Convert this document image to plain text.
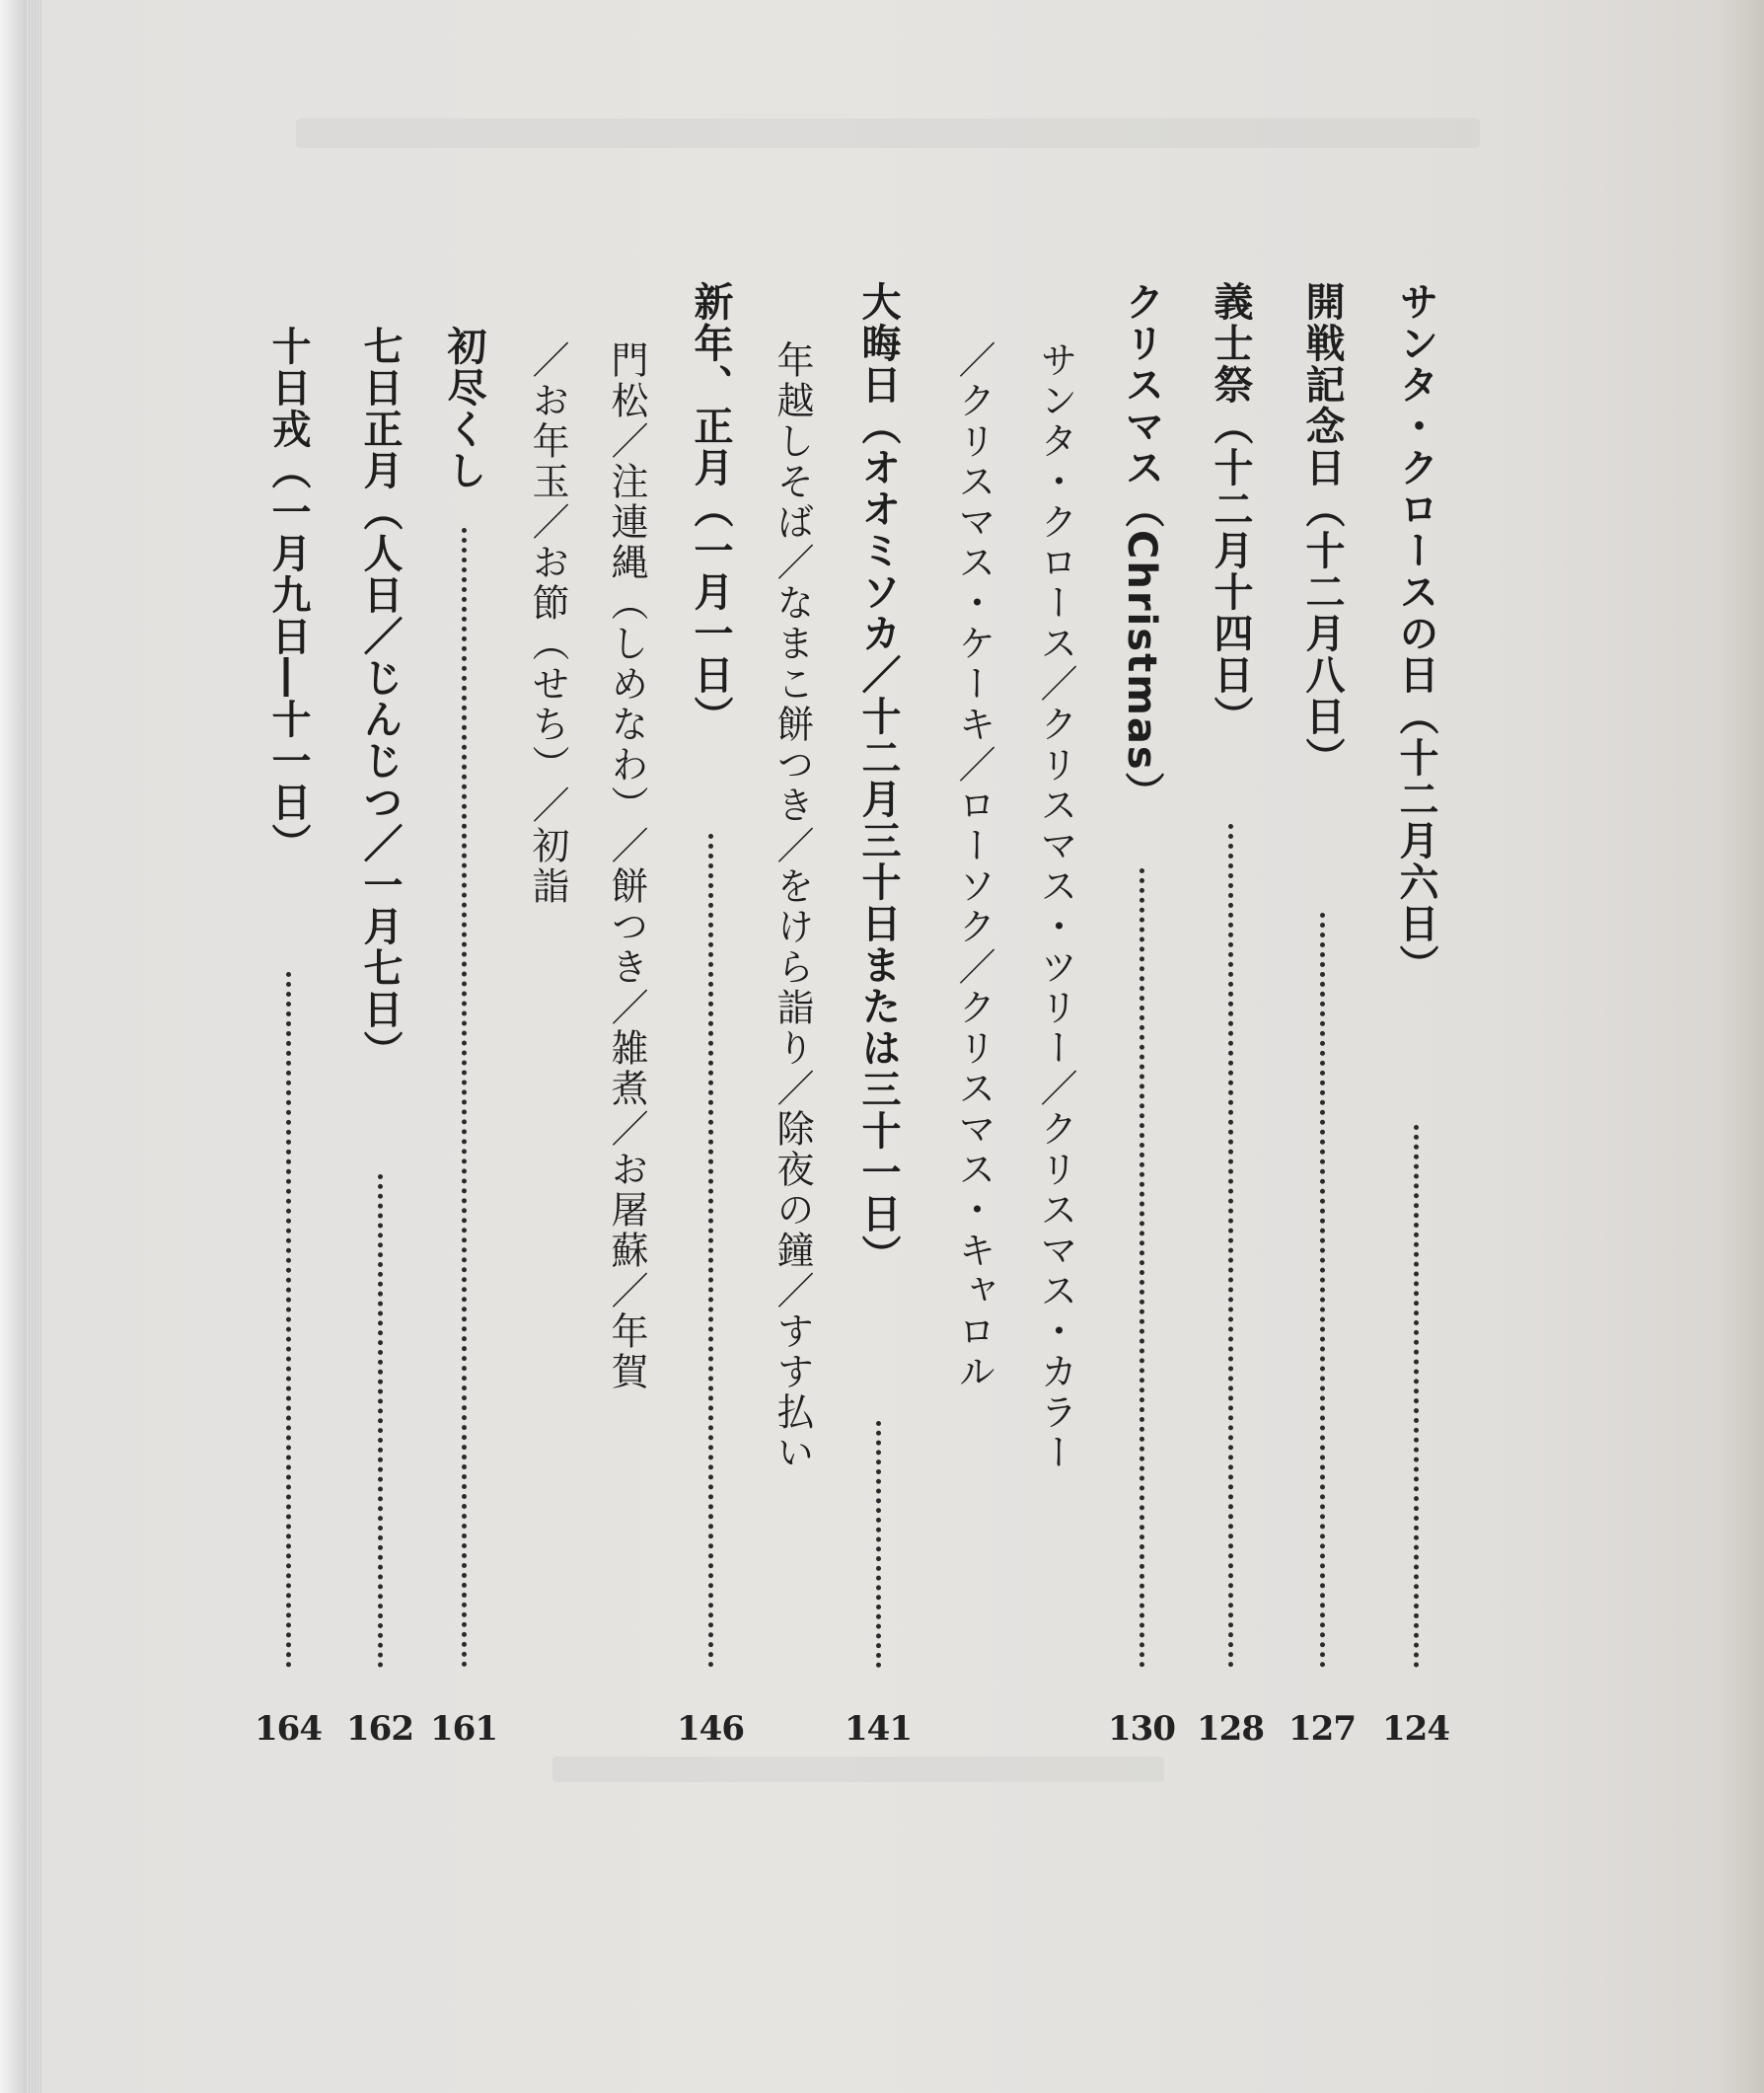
サンタ・クロースの日（十二月六日）
124
開戦記念日（十二月八日）
127
義士祭（十二月十四日）
128
クリスマス（Christmas）
130
サンタ・クロース／クリスマス・ツリー／クリスマス・カラー
／クリスマス・ケーキ／ローソク／クリスマス・キャロル
大晦日（オオミソカ／十二月三十日または三十一日）
141
年越しそば／なまこ餅つき／をけら詣り／除夜の鐘／すす払い
新年、正月（一月一日）
146
門松／注連縄（しめなわ）／餅つき／雑煮／お屠蘇／年賀
／お年玉／お節（せち）／初詣
初尽くし
161
七日正月（人日／じんじつ／一月七日）
162
十日戎（一月九日―十一日）
164
